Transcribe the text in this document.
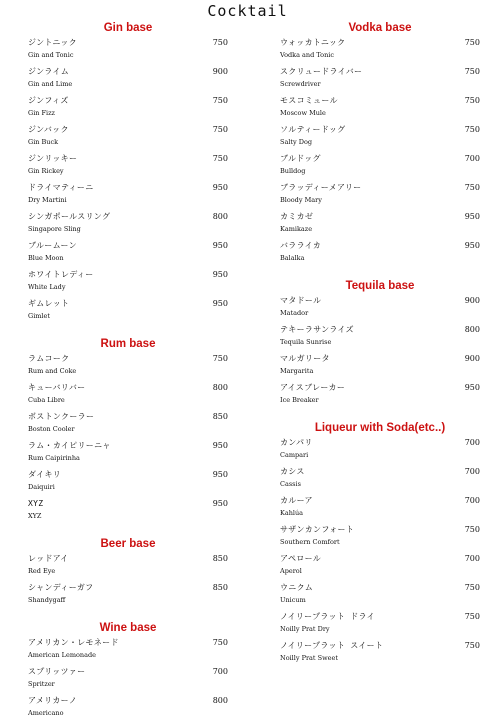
Cocktail
Gin base
ジントニック
Gin and Tonic
750
ジンライム
Gin and Lime
900
ジンフィズ
Gin Fizz
750
ジンバック
Gin Buck
750
ジンリッキー
Gin Rickey
750
ドライマティーニ
Dry Martini
950
シンガポールスリング
Singapore Sling
800
ブルームーン
Blue Moon
950
ホワイトレディー
White Lady
950
ギムレット
Gimlet
950
Rum base
ラムコーク
Rum and Coke
750
キューバリバー
Cuba Libre
800
ボストンクーラー
Boston Cooler
850
ラム・カイピリーニャ
Rum Caipirinha
950
ダイキリ
Daiquiri
950
XYZ
XYZ
950
Beer base
レッドアイ
Red Eye
850
シャンディーガフ
Shandygaff
850
Wine base
アメリカン・レモネード
American Lemonade
750
スプリッツァー
Spritzer
700
アメリカーノ
Americano
800
Vodka base
ウォッカトニック
Vodka and Tonic
750
スクリュードライバー
Screwdriver
750
モスコミュール
Moscow Mule
750
ソルティードッグ
Salty Dog
750
ブルドッグ
Bulldog
700
ブラッディーメアリー
Bloody Mary
750
カミカゼ
Kamikaze
950
バラライカ
Balalka
950
Tequila base
マタドール
Matador
900
テキーラサンライズ
Tequila Sunrise
800
マルガリータ
Margarita
900
アイスブレーカー
Ice Breaker
950
Liqueur with Soda(etc..)
カンパリ
Campari
700
カシス
Cassis
700
カルーア
Kahlúa
700
サザンカンフォート
Southern Comfort
750
アペロール
Aperol
700
ウニクム
Unicum
750
ノイリープラット ドライ
Noilly Prat Dry
750
ノイリープラット スイート
Noilly Prat Sweet
750
